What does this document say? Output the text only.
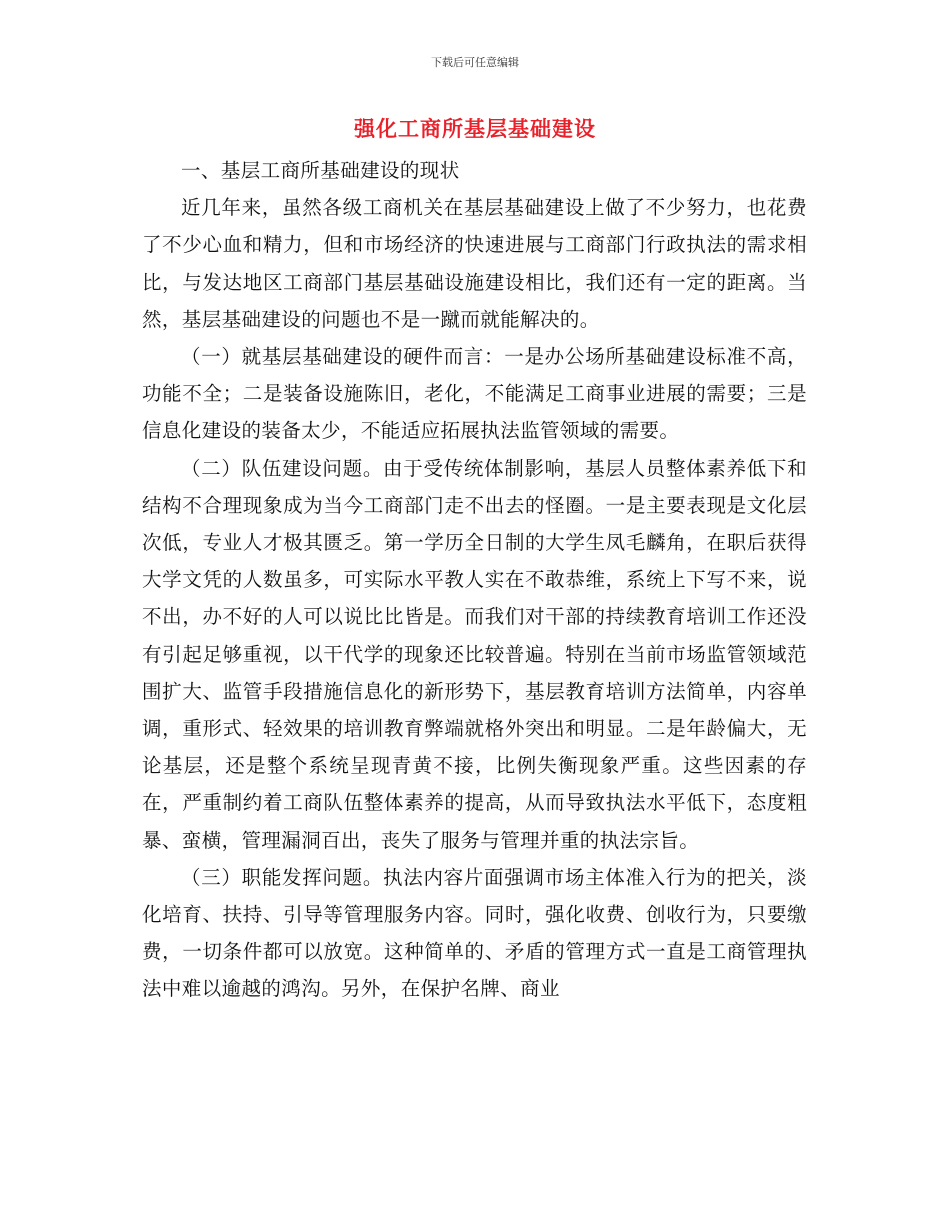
下载后可任意编辑
强化工商所基层基础建设

一、基层工商所基础建设的现状

近几年来，虽然各级工商机关在基层基础建设上做了不少努力，也花费了不少心血和精力，但和市场经济的快速进展与工商部门行政执法的需求相比，与发达地区工商部门基层基础设施建设相比，我们还有一定的距离。当然，基层基础建设的问题也不是一蹴而就能解决的。

（一）就基层基础建设的硬件而言：一是办公场所基础建设标准不高，功能不全；二是装备设施陈旧，老化，不能满足工商事业进展的需要；三是信息化建设的装备太少，不能适应拓展执法监管领域的需要。

（二）队伍建设问题。由于受传统体制影响，基层人员整体素养低下和结构不合理现象成为当今工商部门走不出去的怪圈。一是主要表现是文化层次低，专业人才极其匮乏。第一学历全日制的大学生凤毛麟角，在职后获得大学文凭的人数虽多，可实际水平教人实在不敢恭维，系统上下写不来，说不出，办不好的人可以说比比皆是。而我们对干部的持续教育培训工作还没有引起足够重视，以干代学的现象还比较普遍。特别在当前市场监管领域范围扩大、监管手段措施信息化的新形势下，基层教育培训方法简单，内容单调，重形式、轻效果的培训教育弊端就格外突出和明显。二是年龄偏大，无论基层，还是整个系统呈现青黄不接，比例失衡现象严重。这些因素的存在，严重制约着工商队伍整体素养的提高，从而导致执法水平低下，态度粗暴、蛮横，管理漏洞百出，丧失了服务与管理并重的执法宗旨。

（三）职能发挥问题。执法内容片面强调市场主体准入行为的把关，淡化培育、扶持、引导等管理服务内容。同时，强化收费、创收行为，只要缴费，一切条件都可以放宽。这种简单的、矛盾的管理方式一直是工商管理执法中难以逾越的鸿沟。另外，在保护名牌、商业
